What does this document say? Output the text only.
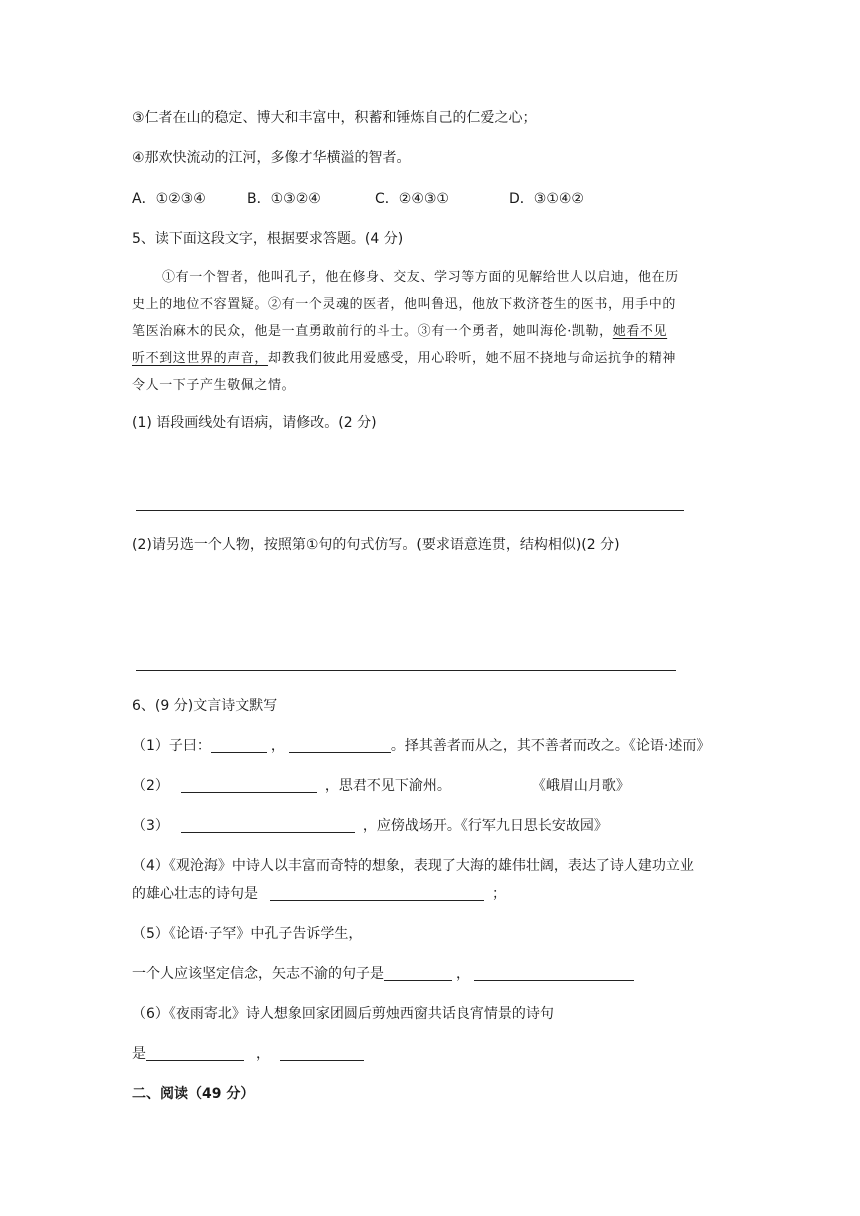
③仁者在山的稳定、博大和丰富中，积蓄和锤炼自己的仁爱之心；
④那欢快流动的江河，多像才华横溢的智者。
A．①②③④	B．①③②④	C．②④③①	D．③①④②
5、读下面这段文字，根据要求答题。(4 分)
①有一个智者，他叫孔子，他在修身、交友、学习等方面的见解给世人以启迪，他在历
史上的地位不容置疑。②有一个灵魂的医者，他叫鲁迅，他放下救济苍生的医书，用手中的
笔医治麻木的民众，他是一直勇敢前行的斗士。③有一个勇者，她叫海伦·凯勒，她看不见
听不到这世界的声音，却教我们彼此用爱感受，用心聆听，她不屈不挠地与命运抗争的精神
令人一下子产生敬佩之情。
(1) 语段画线处有语病，请修改。(2 分)
(2)请另选一个人物，按照第①句的句式仿写。(要求语意连贯，结构相似)(2 分)
6、(9 分)文言诗文默写
（1）子曰：	，	。择其善者而从之，其不善者而改之。《论语·述而》
（2）	，思君不见下渝州。	《峨眉山月歌》
（3）	，应傍战场开。《行军九日思长安故园》
（4）《观沧海》中诗人以丰富而奇特的想象，表现了大海的雄伟壮阔，表达了诗人建功立业
的雄心壮志的诗句是	；
（5）《论语·子罕》中孔子告诉学生，
一个人应该坚定信念，矢志不渝的句子是	，
（6）《夜雨寄北》诗人想象回家团圆后剪烛西窗共话良宵情景的诗句
是	，
二、阅读（49 分）
